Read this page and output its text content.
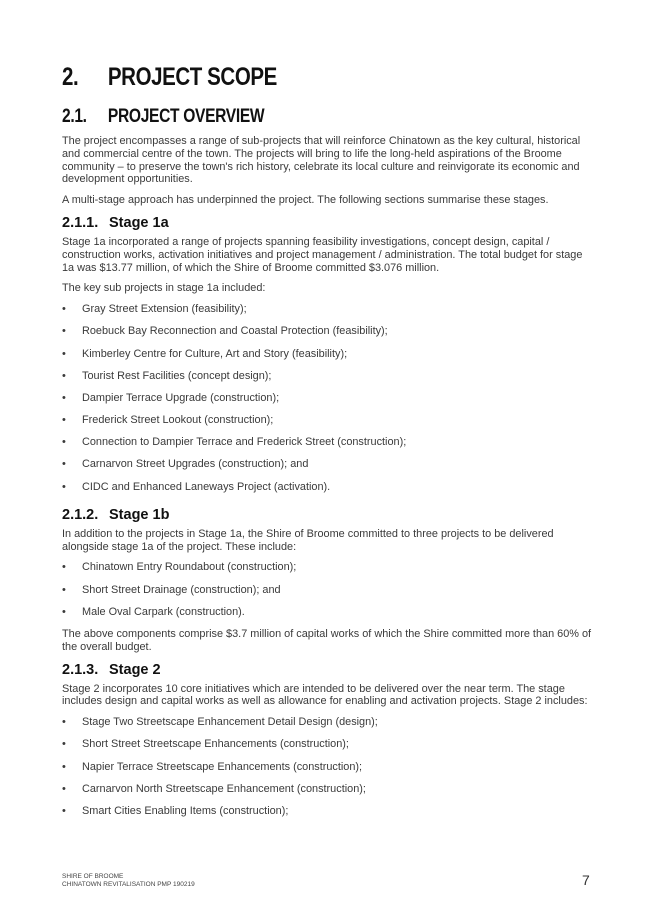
2. PROJECT SCOPE
2.1. PROJECT OVERVIEW

The project encompasses a range of sub-projects that will reinforce Chinatown as the key cultural, historical and commercial centre of the town. The projects will bring to life the long-held aspirations of the Broome community – to preserve the town's rich history, celebrate its local culture and reinvigorate its economic and development opportunities.

A multi-stage approach has underpinned the project. The following sections summarise these stages.

2.1.1. Stage 1a

Stage 1a incorporated a range of projects spanning feasibility investigations, concept design, capital / construction works, activation initiatives and project management / administration. The total budget for stage 1a was $13.77 million, of which the Shire of Broome committed $3.076 million.

The key sub projects in stage 1a included:

• Gray Street Extension (feasibility);
• Roebuck Bay Reconnection and Coastal Protection (feasibility);
• Kimberley Centre for Culture, Art and Story (feasibility);
• Tourist Rest Facilities (concept design);
• Dampier Terrace Upgrade (construction);
• Frederick Street Lookout (construction);
• Connection to Dampier Terrace and Frederick Street (construction);
• Carnarvon Street Upgrades (construction); and
• CIDC and Enhanced Laneways Project (activation).
2.1.2. Stage 1b

In addition to the projects in Stage 1a, the Shire of Broome committed to three projects to be delivered alongside stage 1a of the project. These include:

• Chinatown Entry Roundabout (construction);
• Short Street Drainage (construction); and
• Male Oval Carpark (construction).

The above components comprise $3.7 million of capital works of which the Shire committed more than 60% of the overall budget.

2.1.3. Stage 2

Stage 2 incorporates 10 core initiatives which are intended to be delivered over the near term. The stage includes design and capital works as well as allowance for enabling and activation projects. Stage 2 includes:

• Stage Two Streetscape Enhancement Detail Design (design);
• Short Street Streetscape Enhancements (construction);
• Napier Terrace Streetscape Enhancements (construction);
• Carnarvon North Streetscape Enhancement (construction);
• Smart Cities Enabling Items (construction);
SHIRE OF BROOME
CHINATOWN REVITALISATION PMP 190219	7
